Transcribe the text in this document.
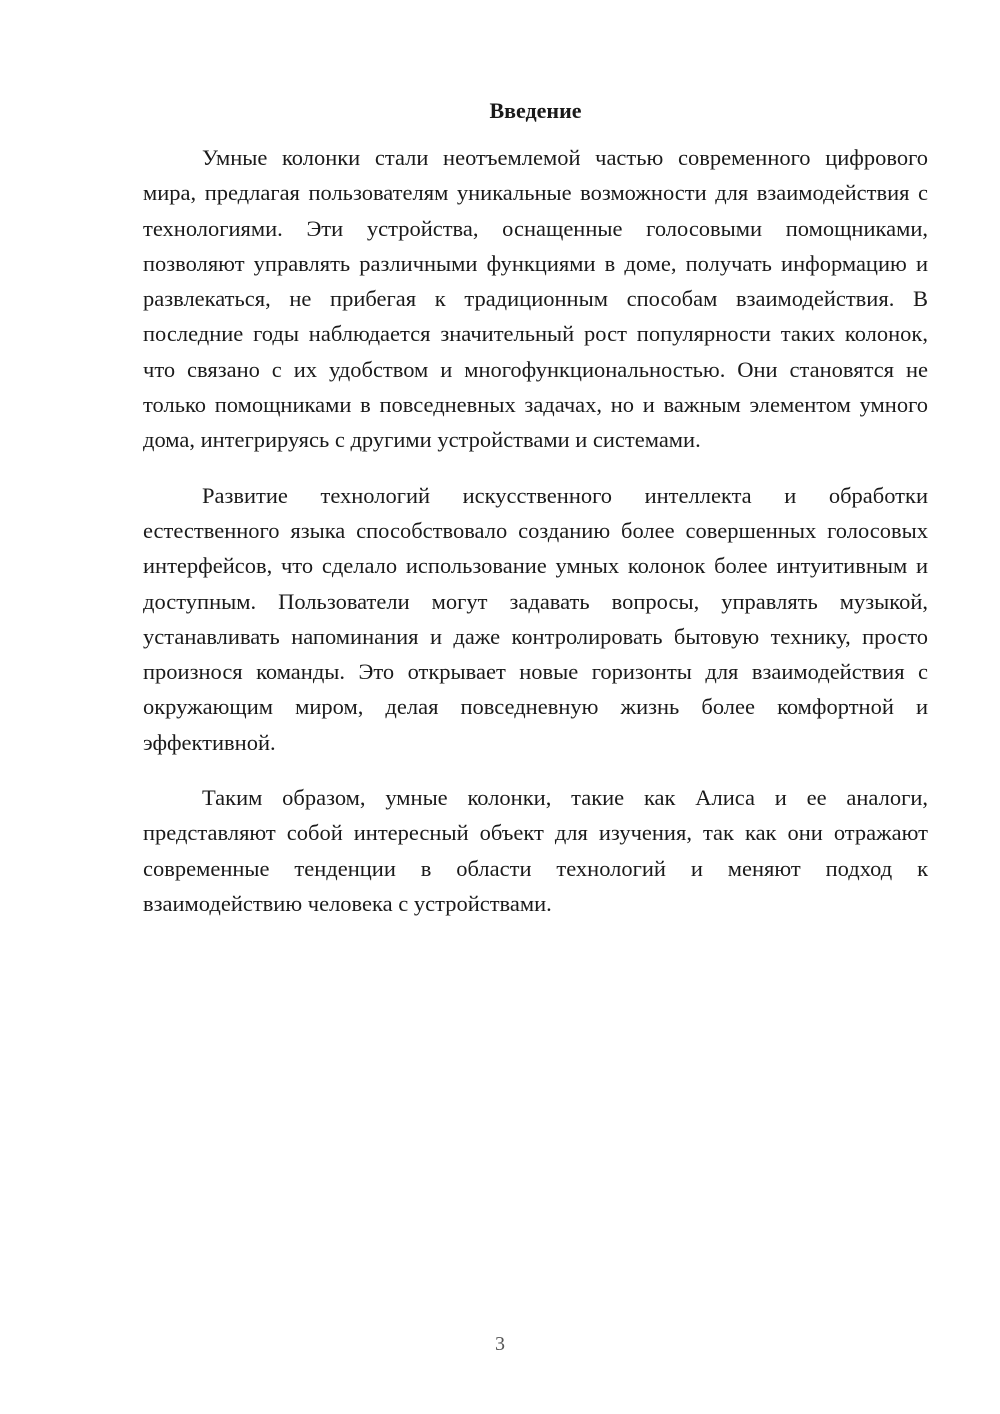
Введение

Умные колонки стали неотъемлемой частью современного цифрового мира, предлагая пользователям уникальные возможности для взаимодействия с технологиями. Эти устройства, оснащенные голосовыми помощниками, позволяют управлять различными функциями в доме, получать информацию и развлекаться, не прибегая к традиционным способам взаимодействия. В последние годы наблюдается значительный рост популярности таких колонок, что связано с их удобством и многофункциональностью. Они становятся не только помощниками в повседневных задачах, но и важным элементом умного дома, интегрируясь с другими устройствами и системами.

Развитие технологий искусственного интеллекта и обработки естественного языка способствовало созданию более совершенных голосовых интерфейсов, что сделало использование умных колонок более интуитивным и доступным. Пользователи могут задавать вопросы, управлять музыкой, устанавливать напоминания и даже контролировать бытовую технику, просто произнося команды. Это открывает новые горизонты для взаимодействия с окружающим миром, делая повседневную жизнь более комфортной и эффективной.

Таким образом, умные колонки, такие как Алиса и ее аналоги, представляют собой интересный объект для изучения, так как они отражают современные тенденции в области технологий и меняют подход к взаимодействию человека с устройствами.

3
